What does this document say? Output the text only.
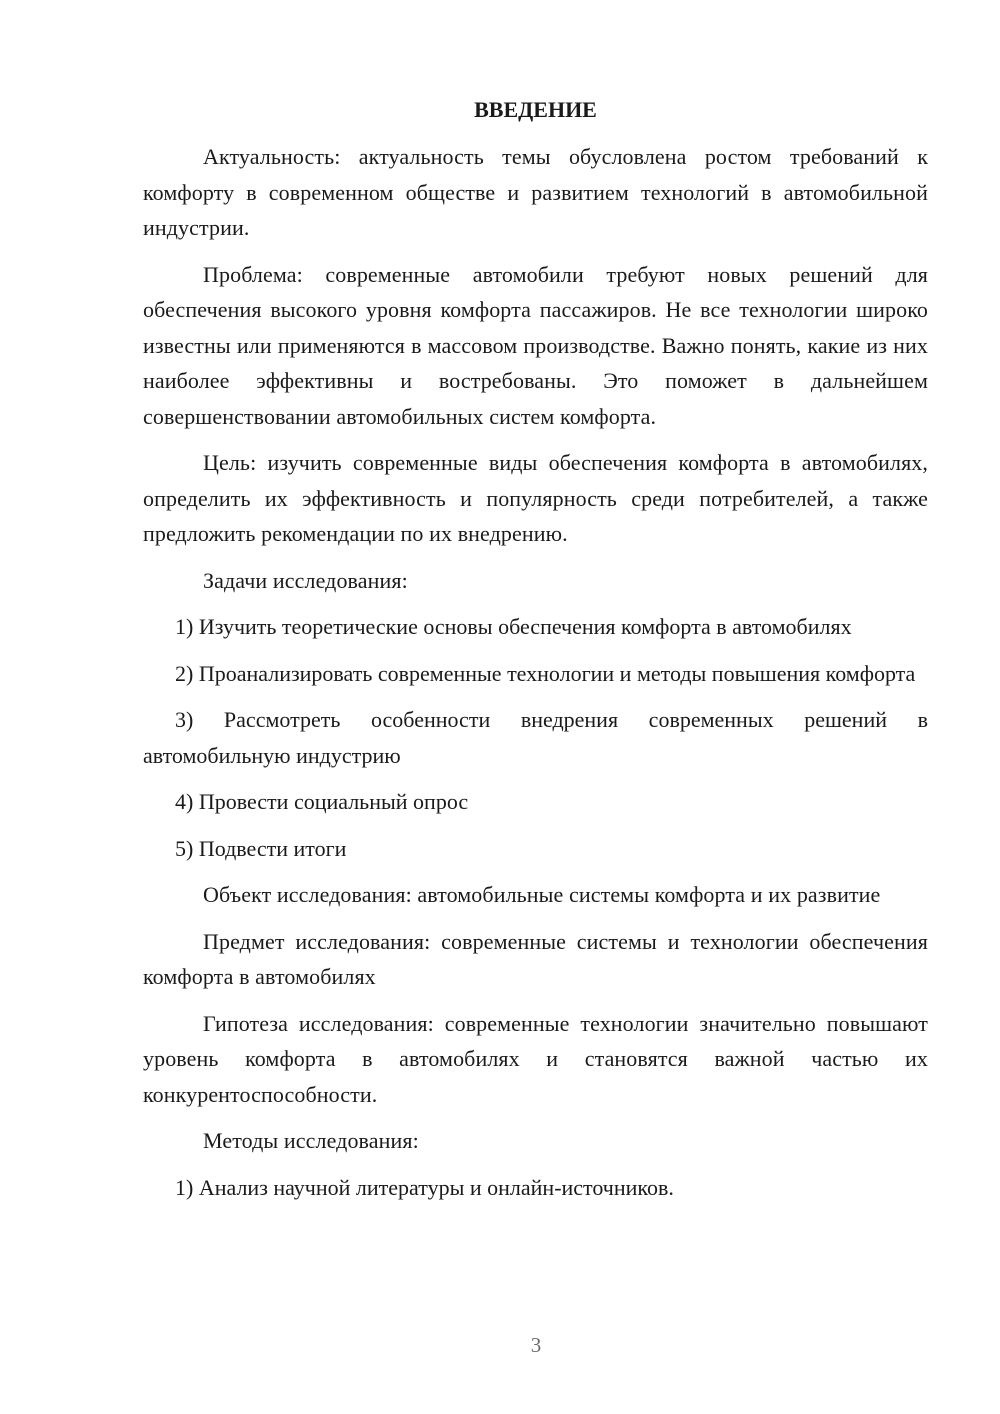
ВВЕДЕНИЕ

Актуальность: актуальность темы обусловлена ростом требований к комфорту в современном обществе и развитием технологий в автомобильной индустрии.

Проблема: современные автомобили требуют новых решений для обеспечения высокого уровня комфорта пассажиров. Не все технологии широко известны или применяются в массовом производстве. Важно понять, какие из них наиболее эффективны и востребованы. Это поможет в дальнейшем совершенствовании автомобильных систем комфорта.

Цель: изучить современные виды обеспечения комфорта в автомобилях, определить их эффективность и популярность среди потребителей, а также предложить рекомендации по их внедрению.

Задачи исследования:

1) Изучить теоретические основы обеспечения комфорта в автомобилях

2) Проанализировать современные технологии и методы повышения комфорта

3) Рассмотреть особенности внедрения современных решений в автомобильную индустрию

4) Провести социальный опрос

5) Подвести итоги

Объект исследования: автомобильные системы комфорта и их развитие

Предмет исследования: современные системы и технологии обеспечения комфорта в автомобилях

Гипотеза исследования: современные технологии значительно повышают уровень комфорта в автомобилях и становятся важной частью их конкурентоспособности.

Методы исследования:

1) Анализ научной литературы и онлайн-источников.

3
